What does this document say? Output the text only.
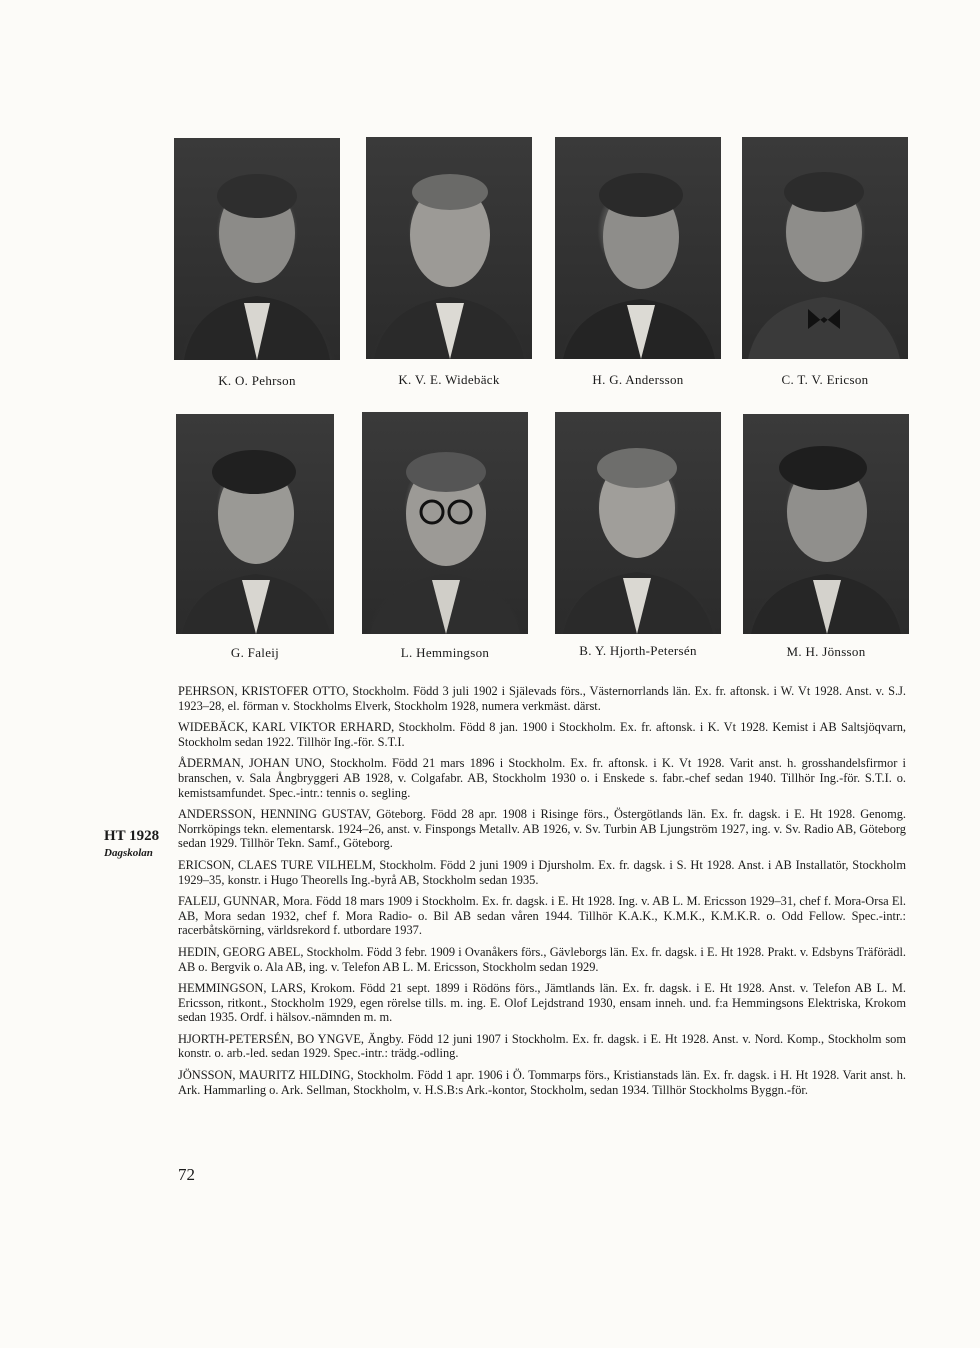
K. O. Pehrson	K. V. E. Widebäck	H. G. Andersson	C. T. V. Ericson
G. Faleij	L. Hemmingson	B. Y. Hjorth-Petersén	M. H. Jönsson
HT 1928
Dagskolan

PEHRSON, KRISTOFER OTTO, Stockholm. Född 3 juli 1902 i Själevads förs., Västernorrlands län. Ex. fr. aftonsk. i W. Vt 1928. Anst. v. S.J. 1923–28, el. förman v. Stockholms Elverk, Stockholm 1928, numera verkmäst. därst.

WIDEBÄCK, KARL VIKTOR ERHARD, Stockholm. Född 8 jan. 1900 i Stockholm. Ex. fr. aftonsk. i K. Vt 1928. Kemist i AB Saltsjöqvarn, Stockholm sedan 1922. Tillhör Ing.-för. S.T.I.

ÅDERMAN, JOHAN UNO, Stockholm. Född 21 mars 1896 i Stockholm. Ex. fr. aftonsk. i K. Vt 1928. Varit anst. h. grosshandelsfirmor i branschen, v. Sala Ångbryggeri AB 1928, v. Colgafabr. AB, Stockholm 1930 o. i Enskede s. fabr.-chef sedan 1940. Tillhör Ing.-för. S.T.I. o. kemistsamfundet. Spec.-intr.: tennis o. segling.

ANDERSSON, HENNING GUSTAV, Göteborg. Född 28 apr. 1908 i Risinge förs., Östergötlands län. Ex. fr. dagsk. i E. Ht 1928. Genomg. Norrköpings tekn. elementarsk. 1924–26, anst. v. Finspongs Metallv. AB 1926, v. Sv. Turbin AB Ljungström 1927, ing. v. Sv. Radio AB, Göteborg sedan 1929. Tillhör Tekn. Samf., Göteborg.

ERICSON, CLAES TURE VILHELM, Stockholm. Född 2 juni 1909 i Djursholm. Ex. fr. dagsk. i S. Ht 1928. Anst. i AB Installatör, Stockholm 1929–35, konstr. i Hugo Theorells Ing.-byrå AB, Stockholm sedan 1935.

FALEIJ, GUNNAR, Mora. Född 18 mars 1909 i Stockholm. Ex. fr. dagsk. i E. Ht 1928. Ing. v. AB L. M. Ericsson 1929–31, chef f. Mora-Orsa El. AB, Mora sedan 1932, chef f. Mora Radio- o. Bil AB sedan våren 1944. Tillhör K.A.K., K.M.K., K.M.K.R. o. Odd Fellow. Spec.-intr.: racerbåtskörning, världsrekord f. utbordare 1937.

HEDIN, GEORG ABEL, Stockholm. Född 3 febr. 1909 i Ovanåkers förs., Gävleborgs län. Ex. fr. dagsk. i E. Ht 1928. Prakt. v. Edsbyns Träförädl. AB o. Bergvik o. Ala AB, ing. v. Telefon AB L. M. Ericsson, Stockholm sedan 1929.

HEMMINGSON, LARS, Krokom. Född 21 sept. 1899 i Rödöns förs., Jämtlands län. Ex. fr. dagsk. i E. Ht 1928. Anst. v. Telefon AB L. M. Ericsson, ritkont., Stockholm 1929, egen rörelse tills. m. ing. E. Olof Lejdstrand 1930, ensam inneh. und. f:a Hemmingsons Elektriska, Krokom sedan 1935. Ordf. i hälsov.-nämnden m. m.

HJORTH-PETERSÉN, BO YNGVE, Ängby. Född 12 juni 1907 i Stockholm. Ex. fr. dagsk. i E. Ht 1928. Anst. v. Nord. Komp., Stockholm som konstr. o. arb.-led. sedan 1929. Spec.-intr.: trädg.-odling.

JÖNSSON, MAURITZ HILDING, Stockholm. Född 1 apr. 1906 i Ö. Tommarps förs., Kristianstads län. Ex. fr. dagsk. i H. Ht 1928. Varit anst. h. Ark. Hammarling o. Ark. Sellman, Stockholm, v. H.S.B:s Ark.-kontor, Stockholm, sedan 1934. Tillhör Stockholms Byggn.-för.

72
